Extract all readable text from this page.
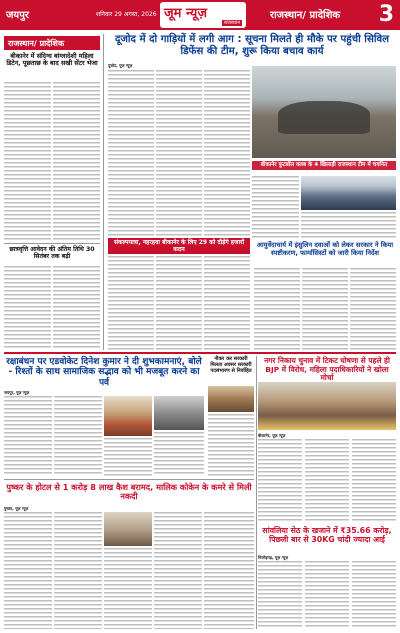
जयपुर	शनिवार 29 अगस्त, 2026 जूम न्यूज़
राजस्थान
राजस्थान/ प्रादेशिक 3
राजस्थान/ प्रादेशिक
बीकानेर में संदिग्ध बांग्लादेशी महिला डिटेन, पूछताछ के बाद सखी सेंटर भेजा
छात्रवृत्ति आवेदन की अंतिम तिथि 30 सितंबर तक बढ़ी
दूजोद में दो गाड़ियों में लगी आग : सूचना मिलते ही मौके पर पहुंची सिविल डिफेंस की टीम, शुरू किया बचाव कार्य
दूजोद, यूज़ न्यूज़
बीकानेर फुटबॉल क्लब के 4 खिलाड़ी राजस्थान टीम में चयनित
संकल्पयात्रा, नहरहवा बीकानेर के लिए 29 को दौड़ेंगे हजारों कदम
आयुर्वेदाचार्य में इंसुलिन दवाओं को लेकर सरकार ने किया स्पष्टीकरण, फार्मासिस्टों को जारी किया निर्देश
रक्षाबंधन पर एडवोकेट दिनेश कुमार ने दी शुभकामनाएं, बोले - रिश्तों के साथ सामाजिक सद्भाव को भी मजबूत करने का पर्व
जयपुर, यूज़ न्यूज़
नौकर कर सरकारी मिलता अवसर सरकारी पदसंभारण से निर्वाहित
नगर निकाय चुनाव में टिकट घोषणा से पहले ही BJP में विरोध, महिला पदाधिकारियों ने खोला मोर्चा
बीकानेर, यूज़ न्यूज़
पुष्कर के होटल से 1 करोड़ 8 लाख कैश बरामद, मालिक कोकेन के कमरे से मिली नकदी
पुष्कर, यूज़ न्यूज़
सांवलिया सेठ के खजाने में ₹35.66 करोड़, पिछली बार से 30KG चांदी ज्यादा आई
चित्तौड़गढ़, यूज़ न्यूज़
